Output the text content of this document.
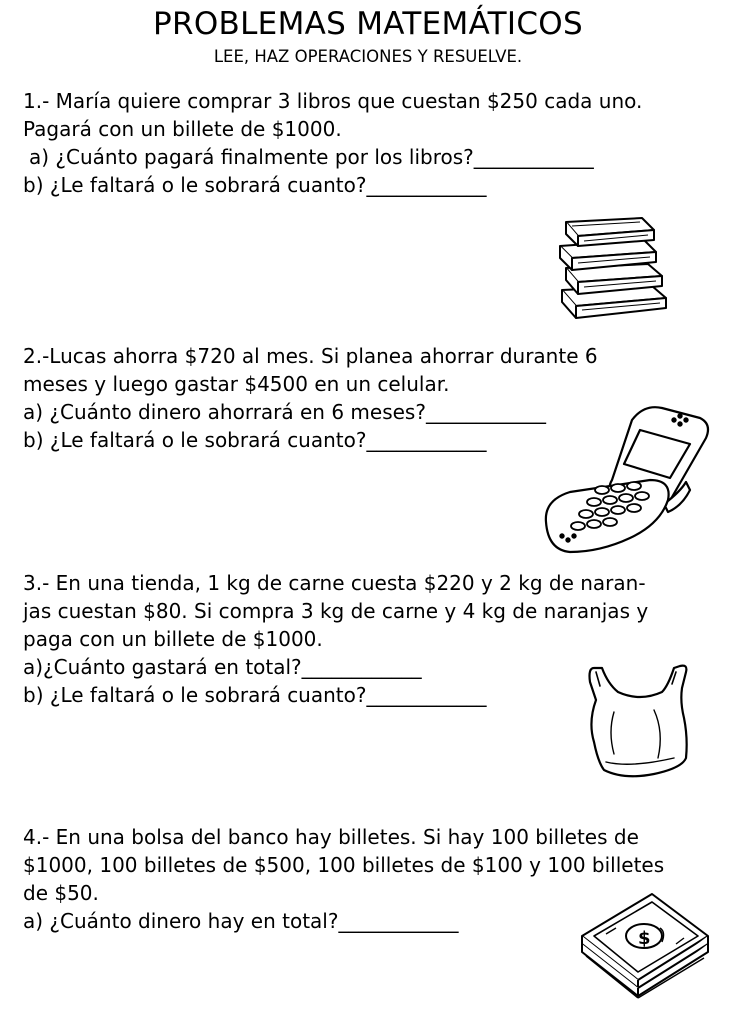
PROBLEMAS MATEMÁTICOS
LEE, HAZ OPERACIONES Y RESUELVE.
1.- María quiere comprar 3 libros que cuestan $250 cada uno.
Pagará con un billete de $1000.
a) ¿Cuánto pagará finalmente por los libros?____________
b) ¿Le faltará o le sobrará cuanto?____________
2.-Lucas ahorra $720 al mes. Si planea ahorrar durante 6
meses y luego gastar $4500 en un celular.
a) ¿Cuánto dinero ahorrará en 6 meses?____________
b) ¿Le faltará o le sobrará cuanto?____________
3.- En una tienda, 1 kg de carne cuesta $220 y 2 kg de naran-
jas cuestan $80. Si compra 3 kg de carne y 4 kg de naranjas y
paga con un billete de $1000.
a)¿Cuánto gastará en total?____________
b) ¿Le faltará o le sobrará cuanto?____________
4.- En una bolsa del banco hay billetes. Si hay 100 billetes de
$1000, 100 billetes de $500, 100 billetes de $100 y 100 billetes
de $50.
a) ¿Cuánto dinero hay en total?____________
$
